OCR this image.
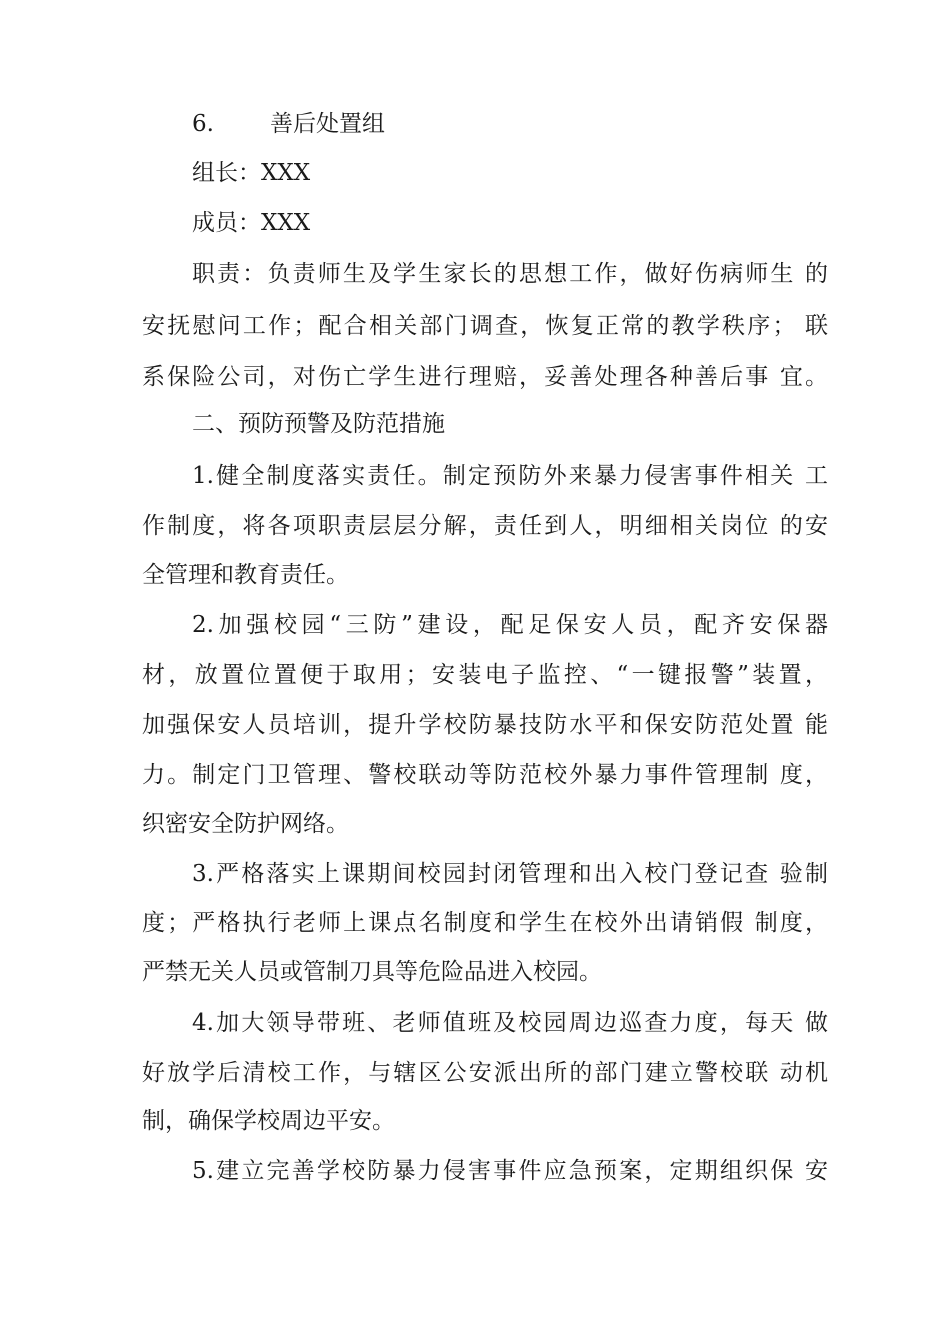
6. 善后处置组
组长：XXX
成员：XXX
职责：负责师生及学生家长的思想工作，做好伤病师生 的
安抚慰问工作；配合相关部门调查，恢复正常的教学秩序； 联
系保险公司，对伤亡学生进行理赔，妥善处理各种善后事 宜。
二、预防预警及防范措施
1.健全制度落实责任。制定预防外来暴力侵害事件相关 工
作制度，将各项职责层层分解，责任到人，明细相关岗位 的安
全管理和教育责任。
2.加强校园“三防”建设，配足保安人员，配齐安保器
材，放置位置便于取用；安装电子监控、“一键报警”装置，
加强保安人员培训，提升学校防暴技防水平和保安防范处置 能
力。制定门卫管理、警校联动等防范校外暴力事件管理制 度，
织密安全防护网络。
3.严格落实上课期间校园封闭管理和出入校门登记查 验制
度；严格执行老师上课点名制度和学生在校外出请销假 制度，
严禁无关人员或管制刀具等危险品进入校园。
4.加大领导带班、老师值班及校园周边巡查力度，每天 做
好放学后清校工作，与辖区公安派出所的部门建立警校联 动机
制，确保学校周边平安。
5.建立完善学校防暴力侵害事件应急预案，定期组织保 安
